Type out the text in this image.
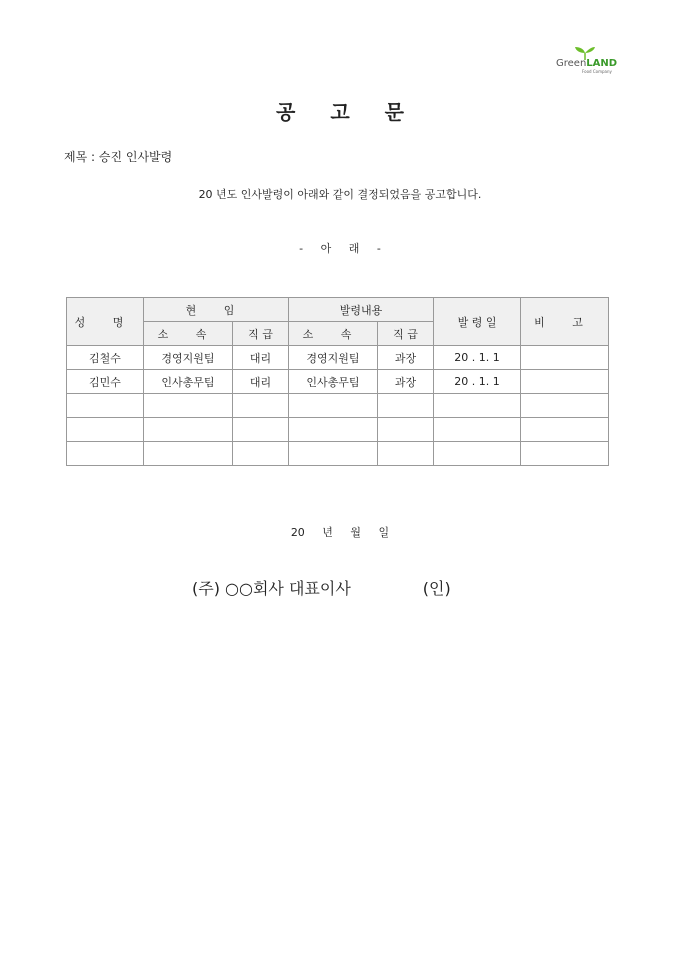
GreenLAND
Food Company
공 고 문
제목 : 승진 인사발령
20 년도 인사발령이 아래와 같이 결정되었음을 공고합니다.
- 아 래 -
성 명	현 임		발령내용		발 령 일	비 고
	소 속	직 급	소 속	직 급		
김철수	경영지원팀	대리	경영지원팀	과장	20 . 1. 1	
김민수	인사총무팀	대리	인사총무팀	과장	20 . 1. 1	

20 년 월 일
(주) ○○회사 대표이사	(인)
